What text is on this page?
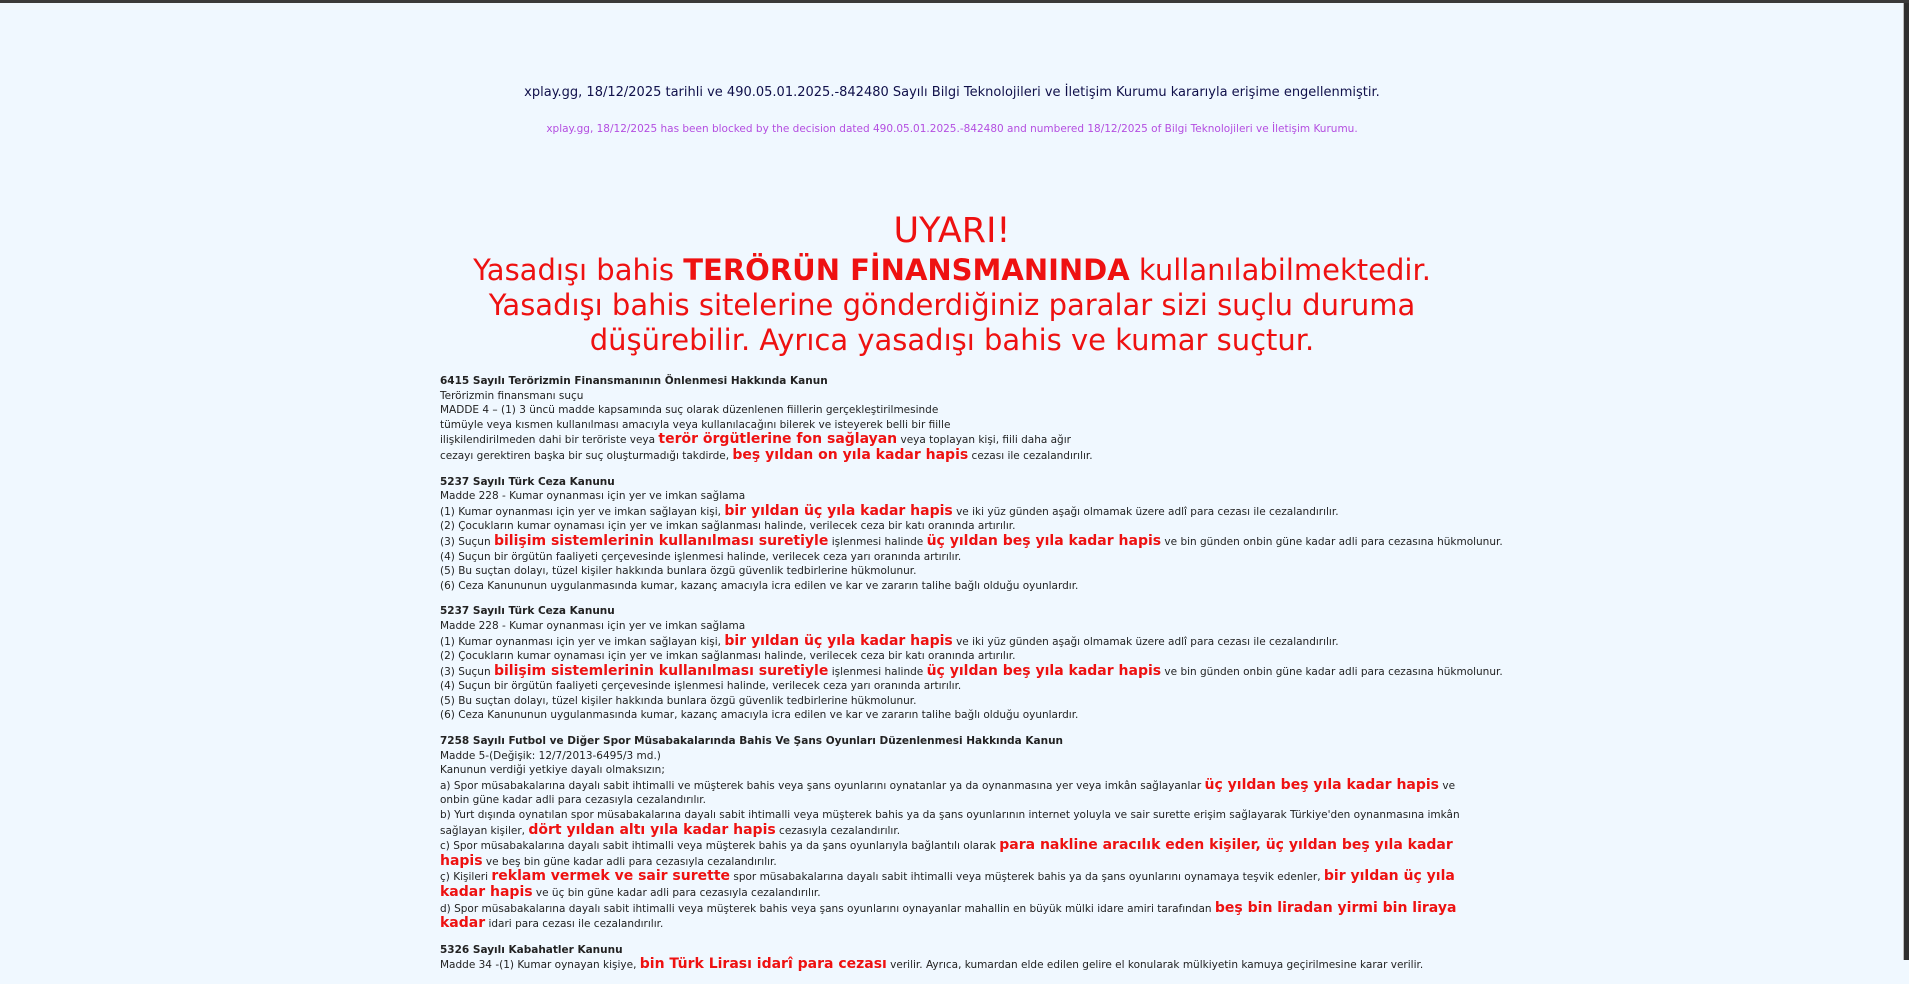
xplay.gg, 18/12/2025 tarihli ve 490.05.01.2025.-842480 Sayılı Bilgi Teknolojileri ve İletişim Kurumu kararıyla erişime engellenmiştir.
xplay.gg, 18/12/2025 has been blocked by the decision dated 490.05.01.2025.-842480 and numbered 18/12/2025 of Bilgi Teknolojileri ve İletişim Kurumu.
UYARI!
Yasadışı bahis TERÖRÜN FİNANSMANINDA kullanılabilmektedir. Yasadışı bahis sitelerine gönderdiğiniz paralar sizi suçlu duruma düşürebilir. Ayrıca yasadışı bahis ve kumar suçtur.
6415 Sayılı Terörizmin Finansmanının Önlenmesi Hakkında Kanun
Terörizmin finansmanı suçu
MADDE 4 – (1) 3 üncü madde kapsamında suç olarak düzenlenen fiillerin gerçekleştirilmesinde
tümüyle veya kısmen kullanılması amacıyla veya kullanılacağını bilerek ve isteyerek belli bir fiille
ilişkilendirilmeden dahi bir teröriste veya terör örgütlerine fon sağlayan veya toplayan kişi, fiili daha ağır
cezayı gerektiren başka bir suç oluşturmadığı takdirde, beş yıldan on yıla kadar hapis cezası ile cezalandırılır.
5237 Sayılı Türk Ceza Kanunu
Madde 228 - Kumar oynanması için yer ve imkan sağlama
(1) Kumar oynanması için yer ve imkan sağlayan kişi, bir yıldan üç yıla kadar hapis ve iki yüz günden aşağı olmamak üzere adlî para cezası ile cezalandırılır.
(2) Çocukların kumar oynaması için yer ve imkan sağlanması halinde, verilecek ceza bir katı oranında artırılır.
(3) Suçun bilişim sistemlerinin kullanılması suretiyle işlenmesi halinde üç yıldan beş yıla kadar hapis ve bin günden onbin güne kadar adli para cezasına hükmolunur.
(4) Suçun bir örgütün faaliyeti çerçevesinde işlenmesi halinde, verilecek ceza yarı oranında artırılır.
(5) Bu suçtan dolayı, tüzel kişiler hakkında bunlara özgü güvenlik tedbirlerine hükmolunur.
(6) Ceza Kanununun uygulanmasında kumar, kazanç amacıyla icra edilen ve kar ve zararın talihe bağlı olduğu oyunlardır.
5237 Sayılı Türk Ceza Kanunu
Madde 228 - Kumar oynanması için yer ve imkan sağlama
(1) Kumar oynanması için yer ve imkan sağlayan kişi, bir yıldan üç yıla kadar hapis ve iki yüz günden aşağı olmamak üzere adlî para cezası ile cezalandırılır.
(2) Çocukların kumar oynaması için yer ve imkan sağlanması halinde, verilecek ceza bir katı oranında artırılır.
(3) Suçun bilişim sistemlerinin kullanılması suretiyle işlenmesi halinde üç yıldan beş yıla kadar hapis ve bin günden onbin güne kadar adli para cezasına hükmolunur.
(4) Suçun bir örgütün faaliyeti çerçevesinde işlenmesi halinde, verilecek ceza yarı oranında artırılır.
(5) Bu suçtan dolayı, tüzel kişiler hakkında bunlara özgü güvenlik tedbirlerine hükmolunur.
(6) Ceza Kanununun uygulanmasında kumar, kazanç amacıyla icra edilen ve kar ve zararın talihe bağlı olduğu oyunlardır.
7258 Sayılı Futbol ve Diğer Spor Müsabakalarında Bahis Ve Şans Oyunları Düzenlenmesi Hakkında Kanun
Madde 5-(Değişik: 12/7/2013-6495/3 md.)
Kanunun verdiği yetkiye dayalı olmaksızın;
a) Spor müsabakalarına dayalı sabit ihtimalli ve müşterek bahis veya şans oyunlarını oynatanlar ya da oynanmasına yer veya imkân sağlayanlar üç yıldan beş yıla kadar hapis ve onbin güne kadar adli para cezasıyla cezalandırılır.
b) Yurt dışında oynatılan spor müsabakalarına dayalı sabit ihtimalli veya müşterek bahis ya da şans oyunlarının internet yoluyla ve sair surette erişim sağlayarak Türkiye'den oynanmasına imkân sağlayan kişiler, dört yıldan altı yıla kadar hapis cezasıyla cezalandırılır.
c) Spor müsabakalarına dayalı sabit ihtimalli veya müşterek bahis ya da şans oyunlarıyla bağlantılı olarak para nakline aracılık eden kişiler, üç yıldan beş yıla kadar hapis ve beş bin güne kadar adli para cezasıyla cezalandırılır.
ç) Kişileri reklam vermek ve sair surette spor müsabakalarına dayalı sabit ihtimalli veya müşterek bahis ya da şans oyunlarını oynamaya teşvik edenler, bir yıldan üç yıla kadar hapis ve üç bin güne kadar adli para cezasıyla cezalandırılır.
d) Spor müsabakalarına dayalı sabit ihtimalli veya müşterek bahis veya şans oyunlarını oynayanlar mahallin en büyük mülki idare amiri tarafından beş bin liradan yirmi bin liraya kadar idari para cezası ile cezalandırılır.
5326 Sayılı Kabahatler Kanunu
Madde 34 -(1) Kumar oynayan kişiye, bin Türk Lirası idarî para cezası verilir. Ayrıca, kumardan elde edilen gelire el konularak mülkiyetin kamuya geçirilmesine karar verilir.
